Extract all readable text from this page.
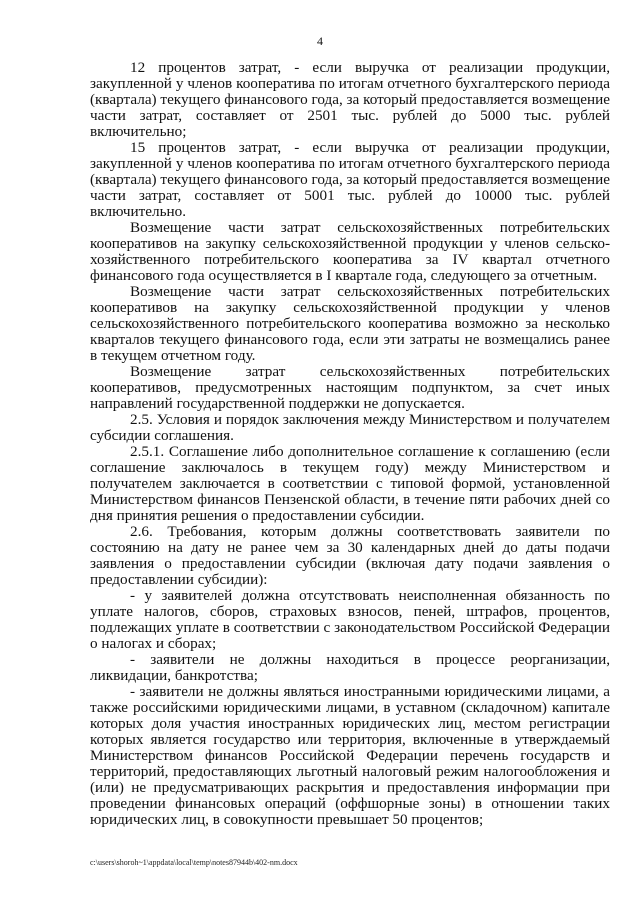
4

12 процентов затрат, - если выручка от реализации продукции, закупленной у членов кооператива по итогам отчетного бухгалтерского периода (квартала) текущего финансового года, за который предоставляется возмещение части затрат, составляет от 2501 тыс. рублей до 5000 тыс. рублей включительно;

15 процентов затрат, - если выручка от реализации продукции, закупленной у членов кооператива по итогам отчетного бухгалтерского периода (квартала) текущего финансового года, за который предоставляется возмещение части затрат, составляет от 5001 тыс. рублей до 10000 тыс. рублей включительно.

Возмещение части затрат сельскохозяйственных потребительских кооперативов на закупку сельскохозяйственной продукции у членов сельскохозяйственного потребительского кооператива за IV квартал отчетного финансового года осуществляется в I квартале года, следующего за отчетным.

Возмещение части затрат сельскохозяйственных потребительских кооперативов на закупку сельскохозяйственной продукции у членов сельскохозяйственного потребительского кооператива возможно за несколько кварталов текущего финансового года, если эти затраты не возмещались ранее в текущем отчетном году.

Возмещение затрат сельскохозяйственных потребительских кооперативов, предусмотренных настоящим подпунктом, за счет иных направлений государственной поддержки не допускается.

2.5. Условия и порядок заключения между Министерством и получателем субсидии соглашения.

2.5.1. Соглашение либо дополнительное соглашение к соглашению (если соглашение заключалось в текущем году) между Министерством и получателем заключается в соответствии с типовой формой, установленной Министерством финансов Пензенской области, в течение пяти рабочих дней со дня принятия решения о предоставлении субсидии.

2.6. Требования, которым должны соответствовать заявители по состоянию на дату не ранее чем за 30 календарных дней до даты подачи заявления о предоставлении субсидии (включая дату подачи заявления о предоставлении субсидии):

- у заявителей должна отсутствовать неисполненная обязанность по уплате налогов, сборов, страховых взносов, пеней, штрафов, процентов, подлежащих уплате в соответствии с законодательством Российской Федерации о налогах и сборах;

- заявители не должны находиться в процессе реорганизации, ликвидации, банкротства;

- заявители не должны являться иностранными юридическими лицами, а также российскими юридическими лицами, в уставном (складочном) капитале которых доля участия иностранных юридических лиц, местом регистрации которых является государство или территория, включенные в утверждаемый Министерством финансов Российской Федерации перечень государств и территорий, предоставляющих льготный налоговый режим налогообложения и (или) не предусматривающих раскрытия и предоставления информации при проведении финансовых операций (оффшорные зоны) в отношении таких юридических лиц, в совокупности превышает 50 процентов;

c:\users\shoroh~1\appdata\local\temp\notes87944b\402-nm.docx
